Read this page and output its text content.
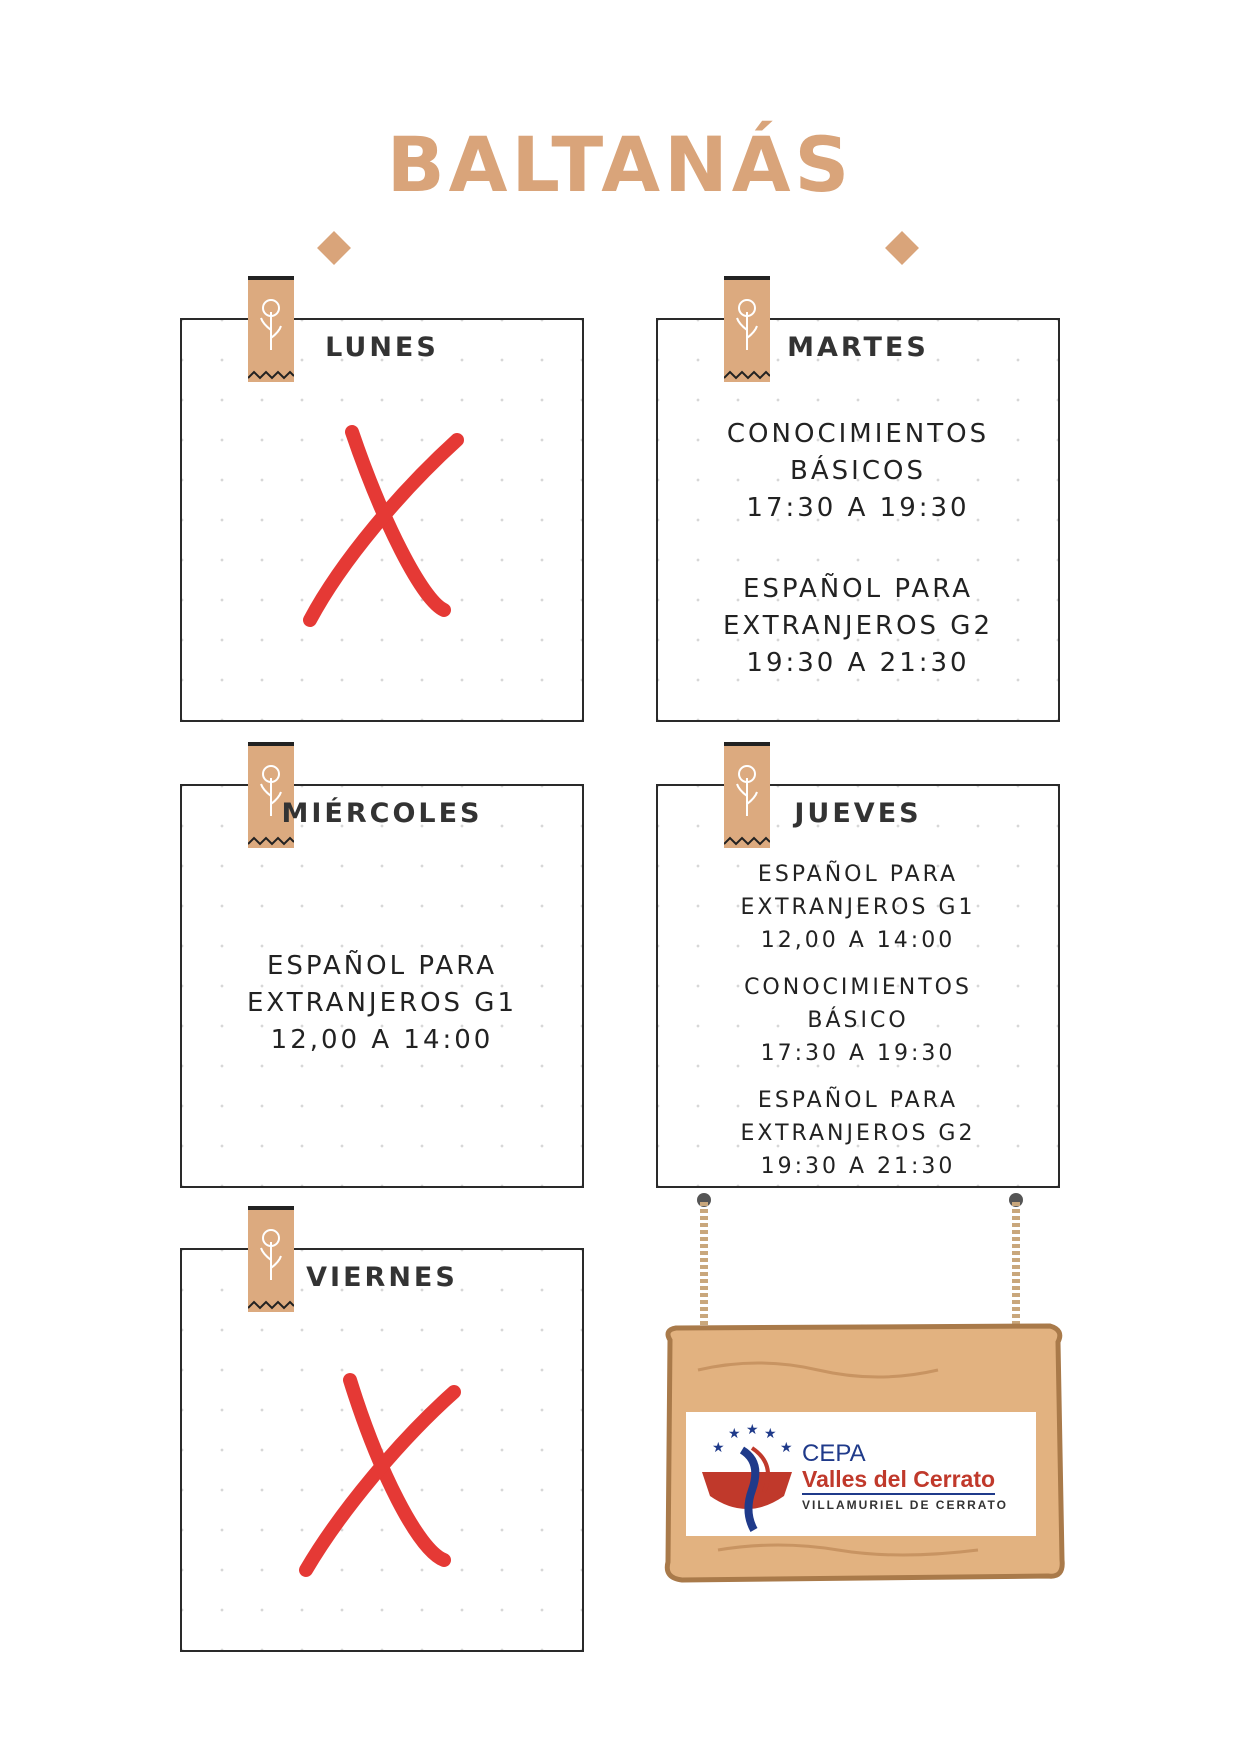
BALTANÁS
LUNES	MARTES
CONOCIMIENTOS
BÁSICOS
17:30 A 19:30
ESPAÑOL PARA
EXTRANJEROS G2
19:30 A 21:30
MIÉRCOLES
ESPAÑOL PARA
EXTRANJEROS G1
12,00 A 14:00
JUEVES
ESPAÑOL PARA
EXTRANJEROS G1
12,00 A 14:00
CONOCIMIENTOS
BÁSICO
17:30 A 19:30
ESPAÑOL PARA
EXTRANJEROS G2
19:30 A 21:30
VIERNES
★
★ ★ ★
★ CEPA
Valles del Cerrato
VILLAMURIEL DE CERRATO
